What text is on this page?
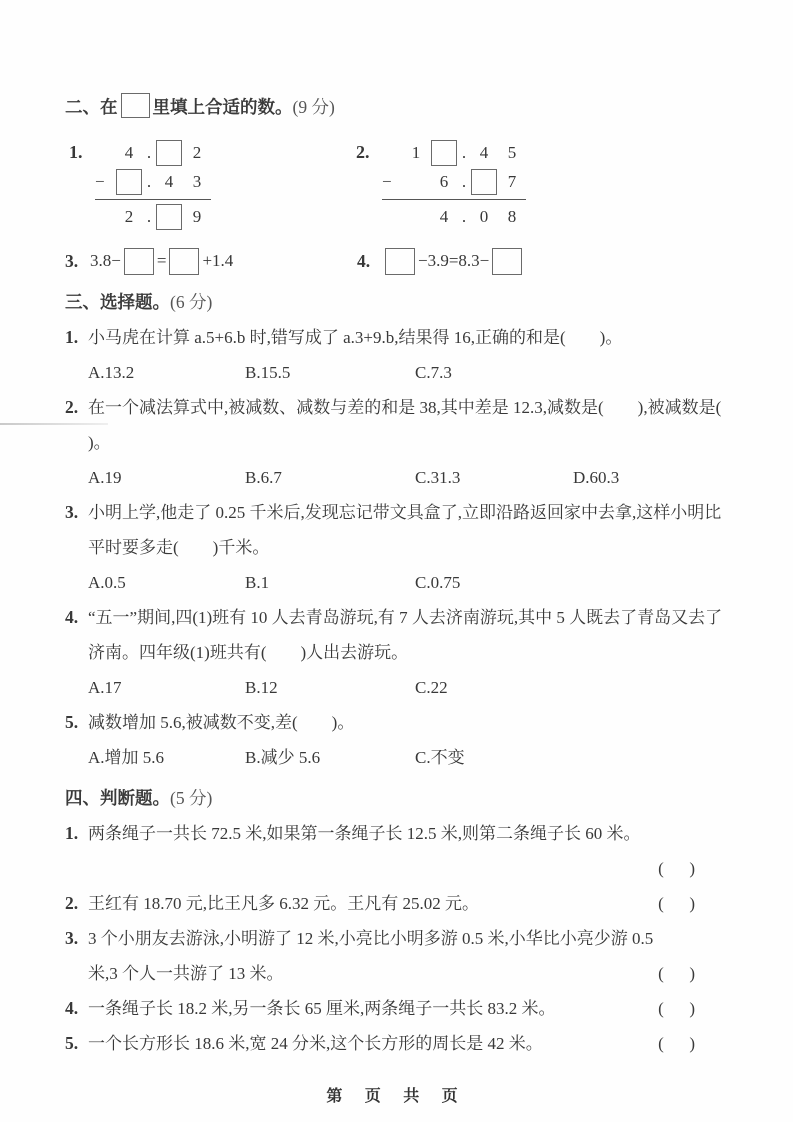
二、在 里填上合适的数。(9 分)
1.	4 .	2
−	. 4	3
2 .	9
2.	1	. 4	5
−	6 .	7
4 . 0	8
3. 3.8− = +1.4	4.	−3.9=8.3−
三、选择题。(6 分)
1. 小马虎在计算 a.5+6.b 时,错写成了 a.3+9.b,结果得 16,正确的和是(        )。
A.13.2	B.15.5	C.7.3
2. 在一个减法算式中,被减数、减数与差的和是 38,其中差是 12.3,减数是(        ),被减数是(        )。
A.19	B.6.7	C.31.3	D.60.3
3. 小明上学,他走了 0.25 千米后,发现忘记带文具盒了,立即沿路返回家中去拿,这样小明比平时要多走(        )千米。
A.0.5	B.1	C.0.75
4. “五一”期间,四(1)班有 10 人去青岛游玩,有 7 人去济南游玩,其中 5 人既去了青岛又去了济南。四年级(1)班共有(        )人出去游玩。
A.17	B.12	C.22
5. 减数增加 5.6,被减数不变,差(        )。
A.增加 5.6	B.减少 5.6	C.不变
四、判断题。(5 分)
1. 两条绳子一共长 72.5 米,如果第一条绳子长 12.5 米,则第二条绳子长 60 米。
(      )
2. 王红有 18.70 元,比王凡多 6.32 元。王凡有 25.02 元。	(      )
3. 3 个小朋友去游泳,小明游了 12 米,小亮比小明多游 0.5 米,小华比小亮少游 0.5 米,3 个人一共游了 13 米。	(      )
4. 一条绳子长 18.2 米,另一条长 65 厘米,两条绳子一共长 83.2 米。	(      )
5. 一个长方形长 18.6 米,宽 24 分米,这个长方形的周长是 42 米。	(      )
第 页 共 页
